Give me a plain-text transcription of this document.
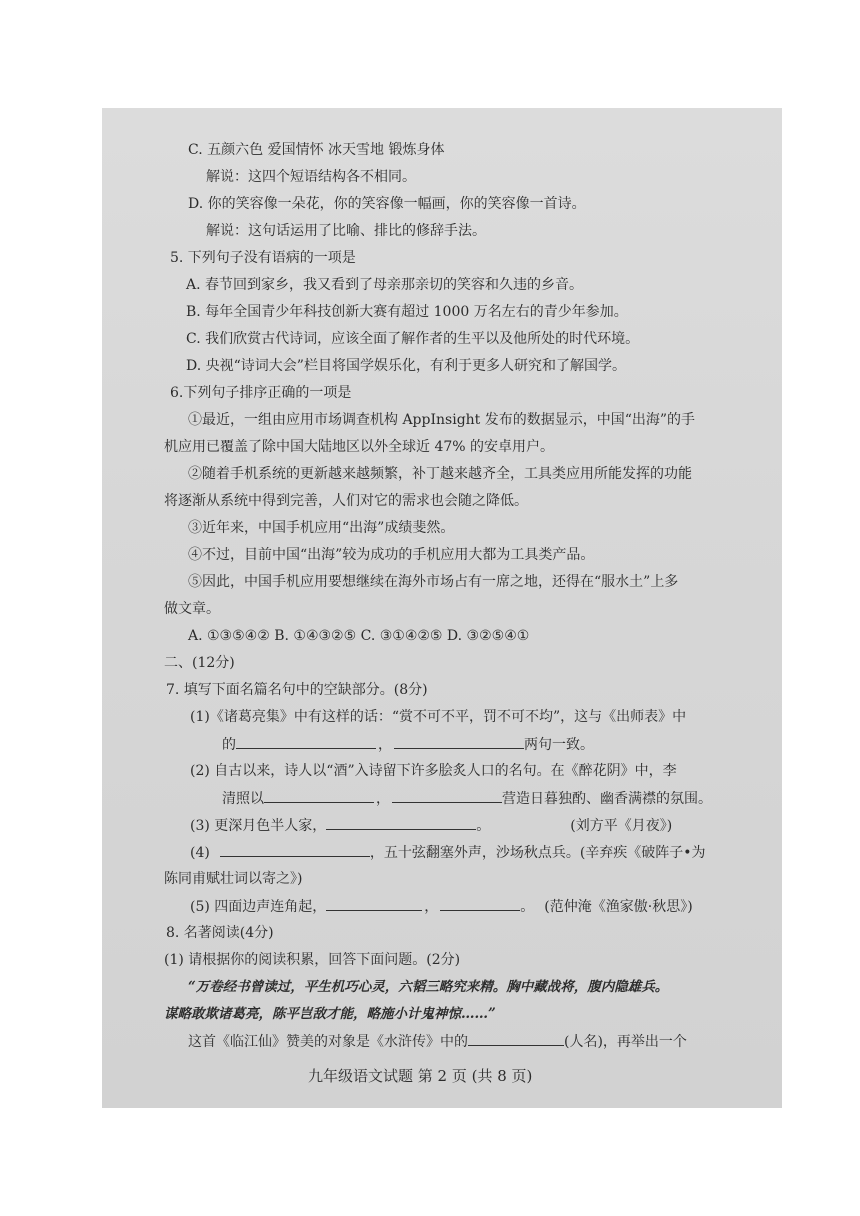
C. 五颜六色 爱国情怀 冰天雪地 锻炼身体
解说：这四个短语结构各不相同。
D. 你的笑容像一朵花，你的笑容像一幅画，你的笑容像一首诗。
解说：这句话运用了比喻、排比的修辞手法。
5. 下列句子没有语病的一项是
A. 春节回到家乡，我又看到了母亲那亲切的笑容和久违的乡音。
B. 每年全国青少年科技创新大赛有超过 1000 万名左右的青少年参加。
C. 我们欣赏古代诗词，应该全面了解作者的生平以及他所处的时代环境。
D. 央视“诗词大会”栏目将国学娱乐化，有利于更多人研究和了解国学。
6.下列句子排序正确的一项是
①最近，一组由应用市场调查机构 AppInsight 发布的数据显示，中国“出海”的手
机应用已覆盖了除中国大陆地区以外全球近 47% 的安卓用户。
②随着手机系统的更新越来越频繁，补丁越来越齐全，工具类应用所能发挥的功能
将逐渐从系统中得到完善，人们对它的需求也会随之降低。
③近年来，中国手机应用“出海”成绩斐然。
④不过，目前中国“出海”较为成功的手机应用大都为工具类产品。
⑤因此，中国手机应用要想继续在海外市场占有一席之地，还得在“服水土”上多
做文章。
A. ①③⑤④② B. ①④③②⑤ C. ③①④②⑤ D. ③②⑤④①
二、(12分)
7. 填写下面名篇名句中的空缺部分。(8分)
(1)《诸葛亮集》中有这样的话：“赏不可不平，罚不可不均”，这与《出师表》中
的	，	两句一致。
(2) 自古以来，诗人以“酒”入诗留下许多脍炙人口的名句。在《醉花阴》中，李
清照以	，	营造日暮独酌、幽香满襟的氛围。
(3) 更深月色半人家，	。	(刘方平《月夜》)
(4)	，五十弦翻塞外声，沙场秋点兵。(辛弃疾《破阵子•为
陈同甫赋壮词以寄之》)
(5) 四面边声连角起，	，	。 (范仲淹《渔家傲·秋思》)
8. 名著阅读(4分)
(1) 请根据你的阅读积累，回答下面问题。(2分)
“万卷经书曾读过，平生机巧心灵，六韬三略究来精。胸中藏战将，腹内隐雄兵。
谋略敢欺诸葛亮，陈平岂敌才能，略施小计鬼神惊……”
这首《临江仙》赞美的对象是《水浒传》中的	(人名)，再举出一个
九年级语文试题 第 2 页 (共 8 页)
